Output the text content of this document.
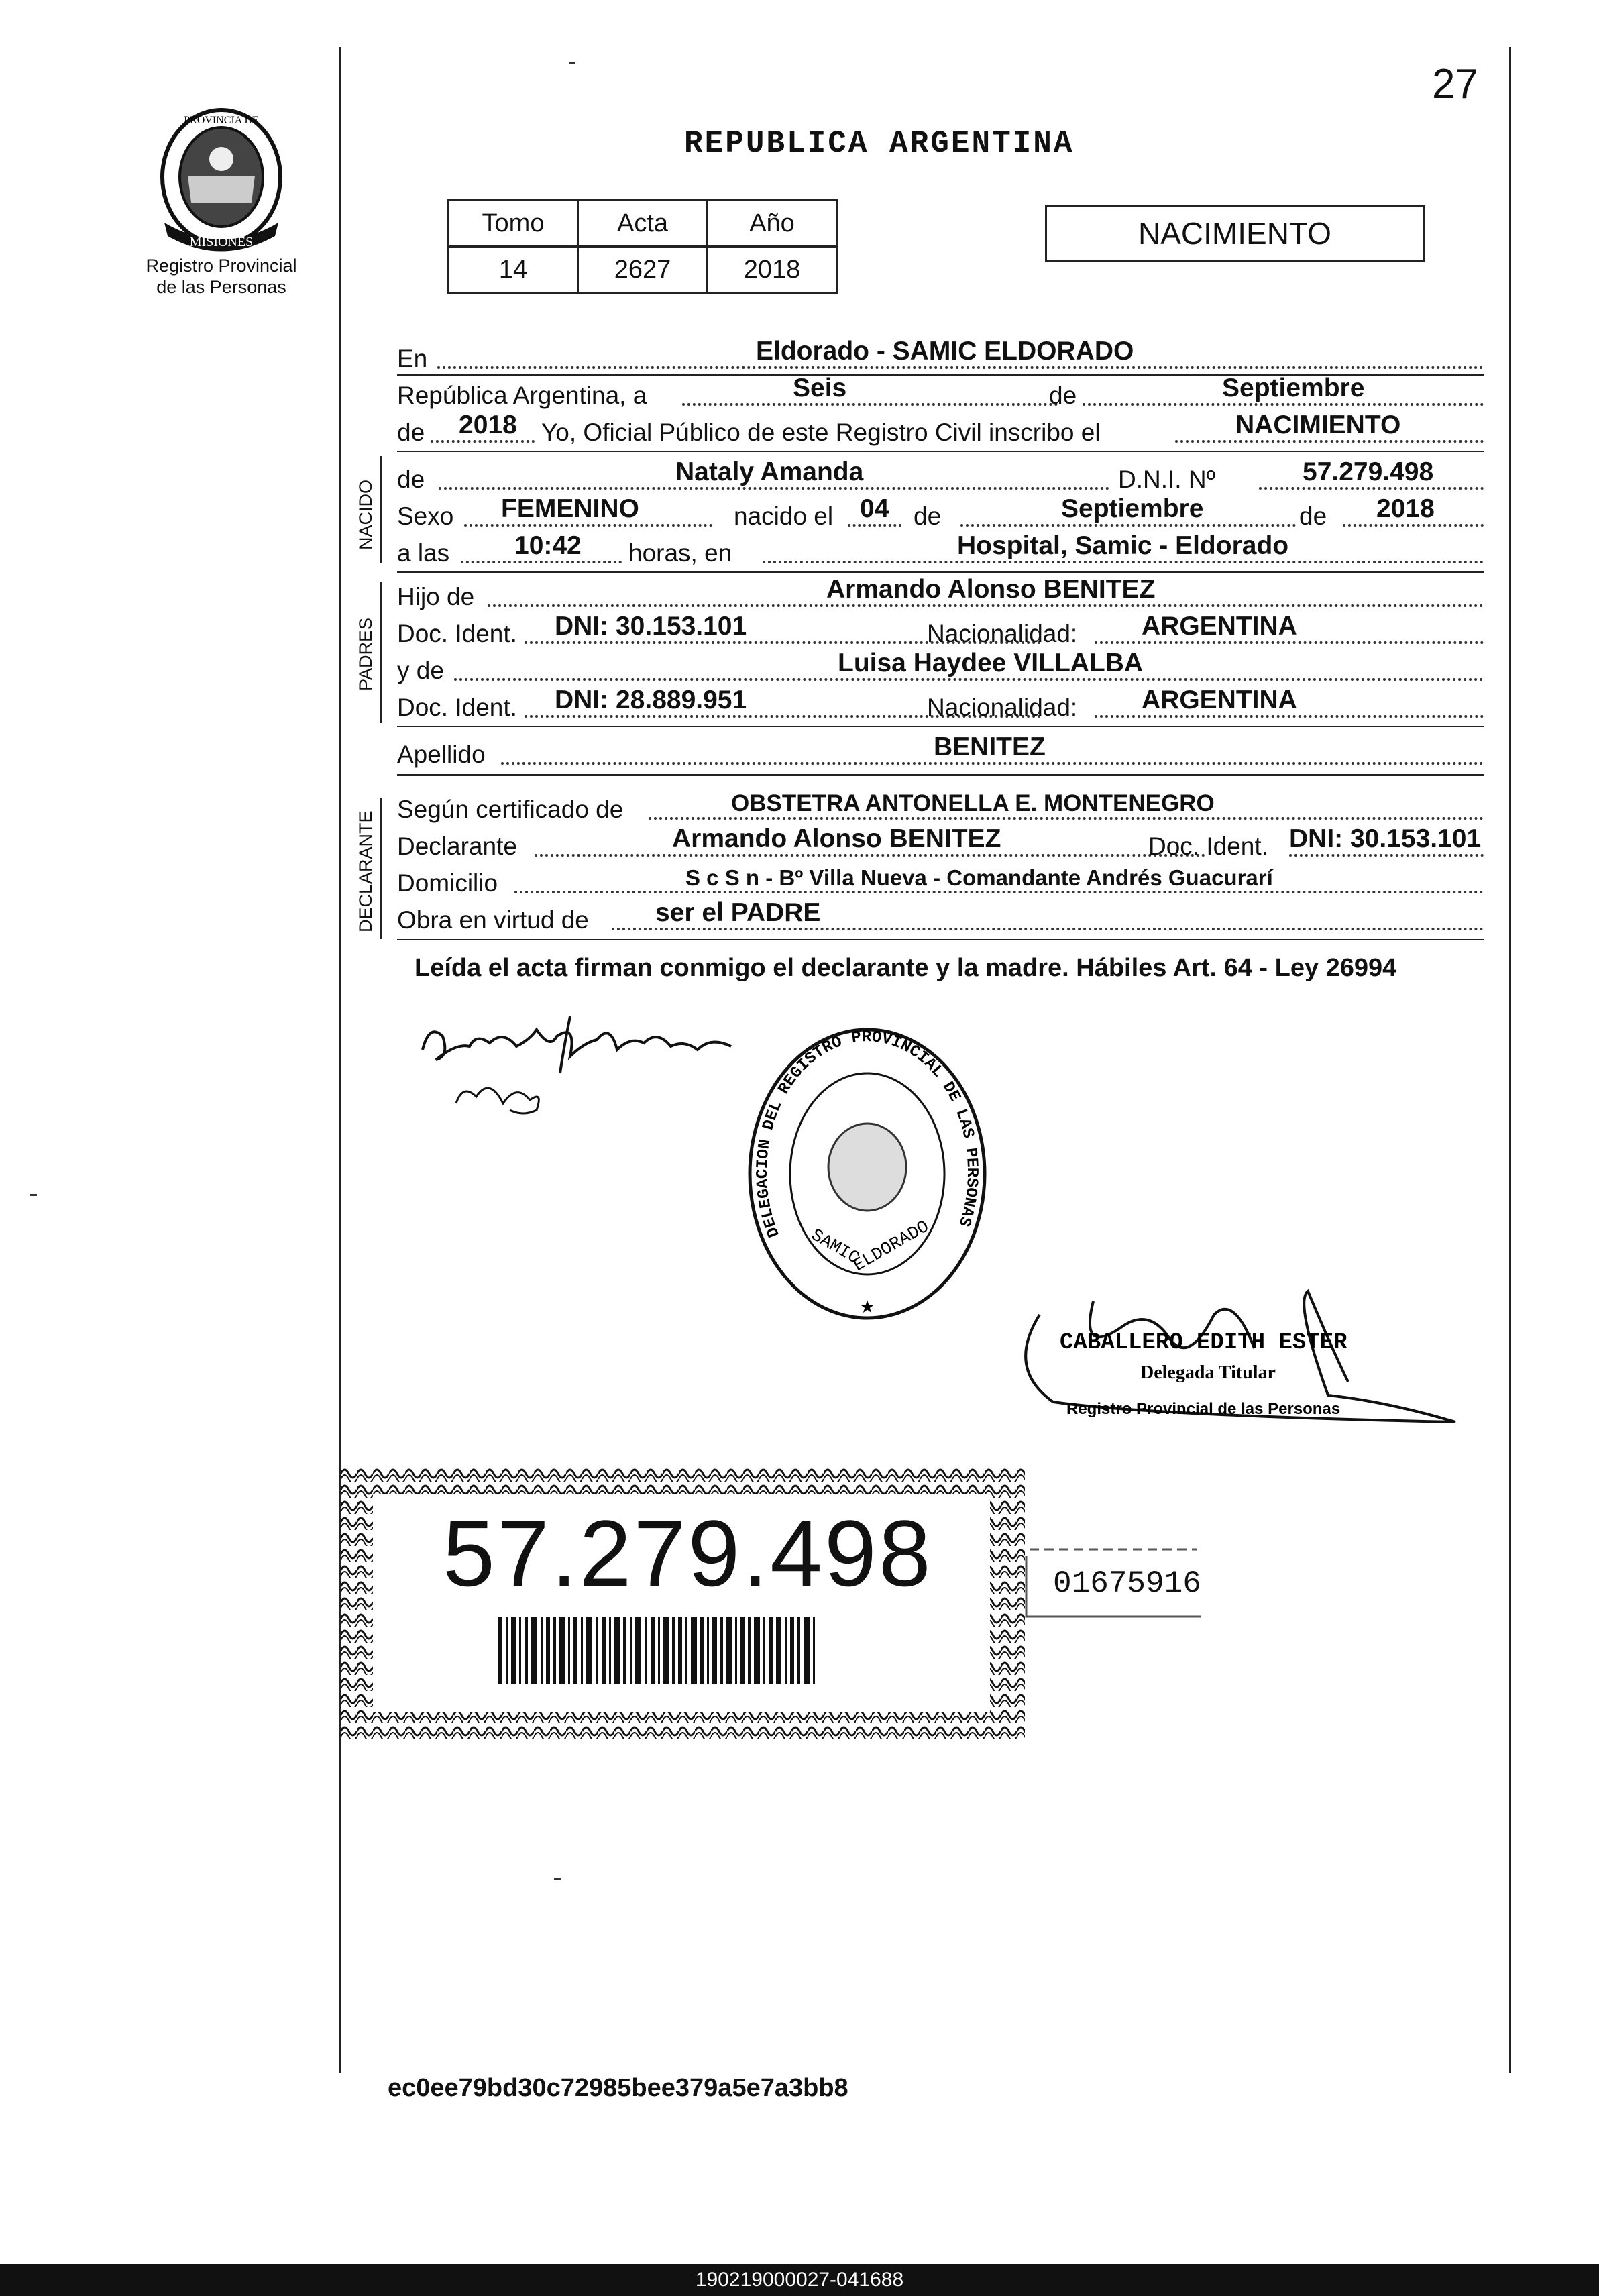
27
MISIONES
PROVINCIA DE
Registro Provincial
de las Personas
REPUBLICA ARGENTINA
Tomo	Acta	Año
14	2627	2018
NACIMIENTO
En	Eldorado - SAMIC ELDORADO
República Argentina, a	Seis	de	Septiembre
de 2018 Yo, Oficial Público de este Registro Civil inscribo el	NACIMIENTO
NACIDO
de	Nataly Amanda	D.N.I. Nº	57.279.498
Sexo FEMENINO	nacido el 04 de	Septiembre	de 2018
a las 10:42 horas, en	Hospital, Samic - Eldorado
PADRES
Hijo de	Armando Alonso BENITEZ
Doc. Ident. DNI: 30.153.101	Nacionalidad: ARGENTINA
y de	Luisa Haydee VILLALBA
Doc. Ident. DNI: 28.889.951	Nacionalidad: ARGENTINA
Apellido	BENITEZ
DECLARANTE
Según certificado de	OBSTETRA ANTONELLA E. MONTENEGRO
Declarante	Armando Alonso BENITEZ	Doc. Ident. DNI: 30.153.101
Domicilio	S c S n - Bº Villa Nueva - Comandante Andrés Guacurarí
Obra en virtud de	ser el PADRE
Leída el acta firman conmigo el declarante y la madre. Hábiles Art. 64 - Ley 26994
DELEGACION DEL REGISTRO PROVINCIAL DE LAS PERSONAS
SAMIC
ELDORADO
★
CABALLERO EDITH ESTER
Delegada Titular
Registro Provincial de las Personas
57.279.498	01675916
ec0ee79bd30c72985bee379a5e7a3bb8
190219000027-041688
